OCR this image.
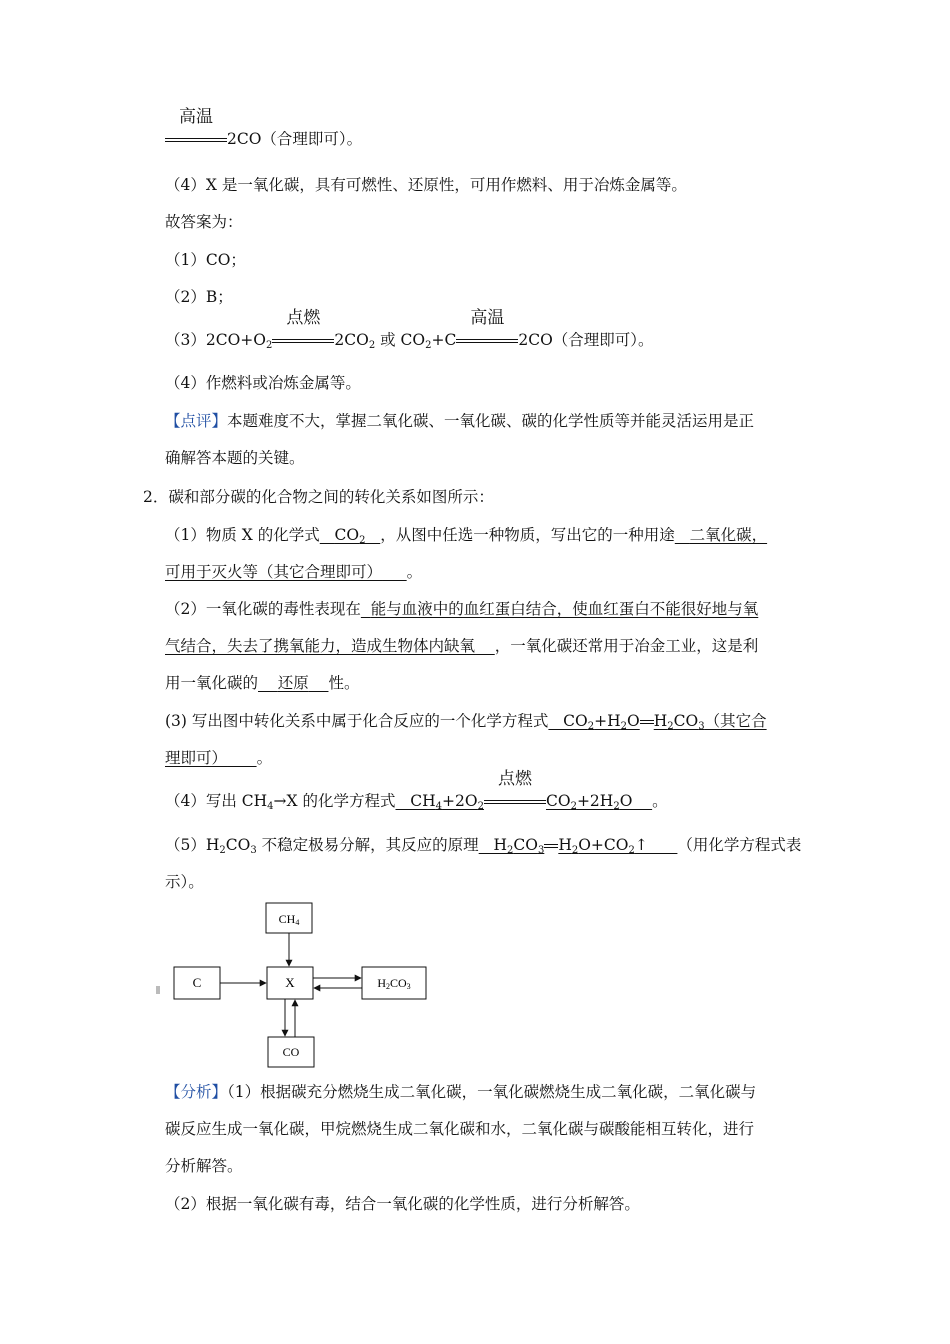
高温
2CO（合理即可）。
（4）X 是一氧化碳，具有可燃性、还原性，可用作燃料、用于冶炼金属等。
故答案为：
（1）CO；
（2）B；
$(3)2CO+O_2$
点燃
$2CO_2$ 或 $CO_2+C$
高温
2CO（合理即可）。
（4）作燃料或冶炼金属等。
【点评】本题难度不大，掌握二氧化碳、一氧化碳、碳的化学性质等并能灵活运用是正
确解答本题的关键。
2．碳和部分碳的化合物之间的转化关系如图所示：
（1）物质 X 的化学式 $CO_2$ ，从图中任选一种物质，写出它的一种用途 二氧化碳，
可用于灭火等（其它合理即可） 。
（2）一氧化碳的毒性表现在 能与血液中的血红蛋白结合，使血红蛋白不能很好地与氧
气结合，失去了携氧能力，造成生物体内缺氧 ，一氧化碳还常用于冶金工业，这是利
用一氧化碳的 还原 性。
(3) 写出图中转化关系中属于化合反应的一个化学方程式   $CO_2+H_2O$ $H_2CO_3$（其它合
理即可） 。
（4）写出 $CH_4\to X$ 的化学方程式   $CH_4+2O_2$
点燃
$CO_2+2H_2O$    。
$(5)H_2CO_3$ 不稳定极易分解，其反应的原理   $H_2CO_3$ $H_2O+CO_2↑$      （用化学方程式表
示）。
CH4
C	X	H2CO3
CO
【分析】（1）根据碳充分燃烧生成二氧化碳，一氧化碳燃烧生成二氧化碳，二氧化碳与
碳反应生成一氧化碳，甲烷燃烧生成二氧化碳和水，二氧化碳与碳酸能相互转化，进行
分析解答。
（2）根据一氧化碳有毒，结合一氧化碳的化学性质，进行分析解答。
